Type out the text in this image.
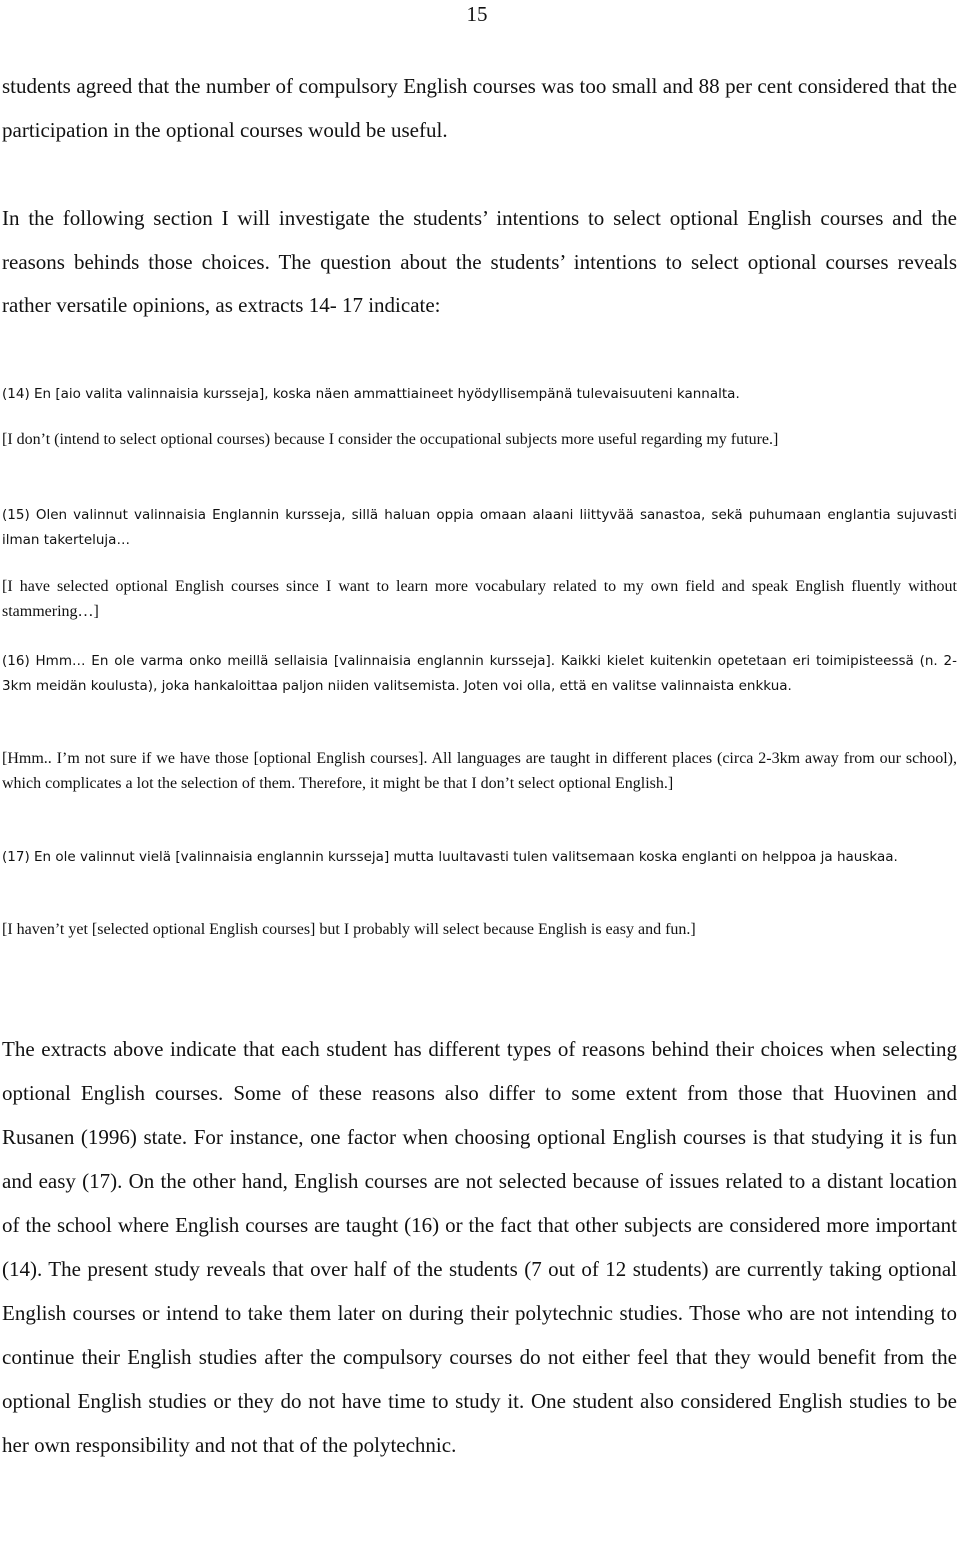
15

students agreed that the number of compulsory English courses was too small and 88 per cent considered that the participation in the optional courses would be useful.

In the following section I will investigate the students’ intentions to select optional English courses and the reasons behinds those choices. The question about the students’ intentions to select optional courses reveals rather versatile opinions, as extracts 14- 17 indicate:

(14) En [aio valita valinnaisia kursseja], koska näen ammattiaineet hyödyllisempänä tulevaisuuteni kannalta.

[I don’t (intend to select optional courses) because I consider the occupational subjects more useful regarding my future.]

(15) Olen valinnut valinnaisia Englannin kursseja, sillä haluan oppia omaan alaani liittyvää sanastoa, sekä puhumaan englantia sujuvasti ilman takerteluja…

[I have selected optional English courses since I want to learn more vocabulary related to my own field and speak English fluently without stammering…]

(16) Hmm… En ole varma onko meillä sellaisia [valinnaisia englannin kursseja]. Kaikki kielet kuitenkin opetetaan eri toimipisteessä (n. 2-3km meidän koulusta), joka hankaloittaa paljon niiden valitsemista. Joten voi olla, että en valitse valinnaista enkkua.

[Hmm.. I’m not sure if we have those [optional English courses]. All languages are taught in different places (circa 2-3km away from our school), which complicates a lot the selection of them. Therefore, it might be that I don’t select optional English.]

(17) En ole valinnut vielä [valinnaisia englannin kursseja] mutta luultavasti tulen valitsemaan koska englanti on helppoa ja hauskaa.

[I haven’t yet [selected optional English courses] but I probably will select because English is easy and fun.]

The extracts above indicate that each student has different types of reasons behind their choices when selecting optional English courses. Some of these reasons also differ to some extent from those that Huovinen and Rusanen (1996) state. For instance, one factor when choosing optional English courses is that studying it is fun and easy (17). On the other hand, English courses are not selected because of issues related to a distant location of the school where English courses are taught (16) or the fact that other subjects are considered more important (14). The present study reveals that over half of the students (7 out of 12 students) are currently taking optional English courses or intend to take them later on during their polytechnic studies. Those who are not intending to continue their English studies after the compulsory courses do not either feel that they would benefit from the optional English studies or they do not have time to study it. One student also considered English studies to be her own responsibility and not that of the polytechnic.
